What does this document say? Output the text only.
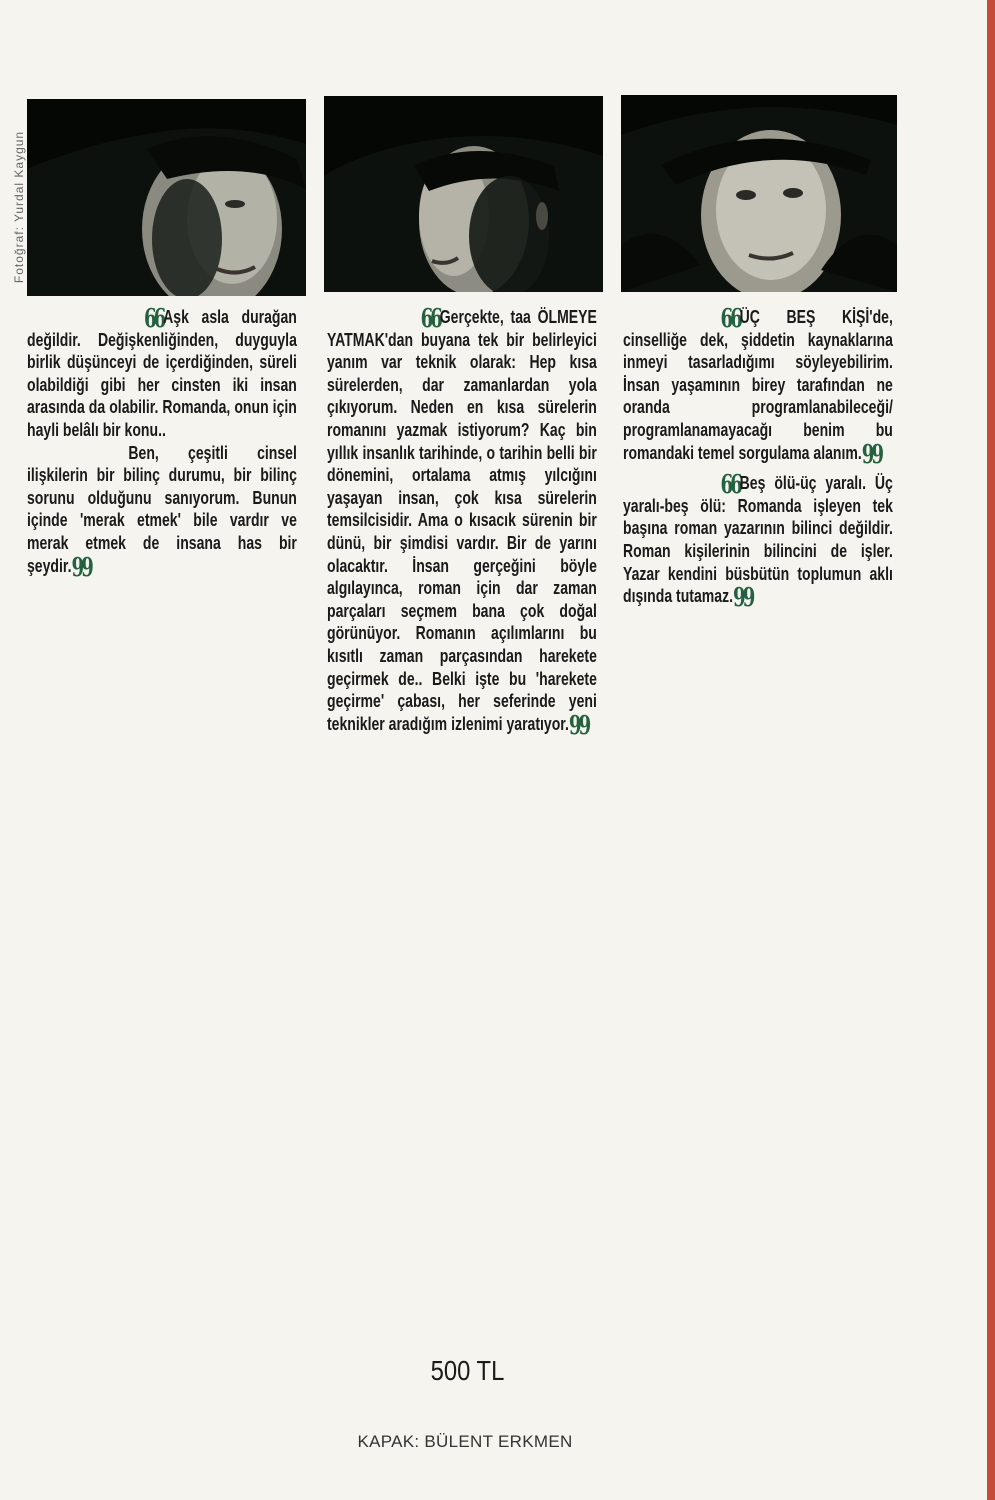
Fotoğraf: Yurdal Kaygun

66Aşk asla durağan değildir. Değişkenliğinden, duyguyla birlik düşünceyi de içerdiğinden, süreli olabildiği gibi her cinsten iki insan arasında da olabilir. Romanda, onun için hayli belâlı bir konu..

Ben, çeşitli cinsel ilişkilerin bir bilinç durumu, bir bilinç sorunu olduğunu sanıyorum. Bunun içinde 'merak etmek' bile vardır ve merak etmek de insana has bir şeydir.99

66Gerçekte, taa ÖLMEYE YATMAK'dan buyana tek bir belirleyici yanım var teknik olarak: Hep kısa sürelerden, dar zamanlardan yola çıkıyorum. Neden en kısa sürelerin romanını yazmak istiyorum? Kaç bin yıllık insanlık tarihinde, o tarihin belli bir dönemini, ortalama atmış yılcığını yaşayan insan, çok kısa sürelerin temsilcisidir. Ama o kısacık sürenin bir dünü, bir şimdisi vardır. Bir de yarını olacaktır. İnsan gerçeğini böyle algılayınca, roman için dar zaman parçaları seçmem bana çok doğal görünüyor. Romanın açılımlarını bu kısıtlı zaman parçasından harekete geçirmek de.. Belki işte bu 'harekete geçirme' çabası, her seferinde yeni teknikler aradığım izlenimi yaratıyor.99

66ÜÇ BEŞ KİŞİ'de, cinselliğe dek, şiddetin kaynaklarına inmeyi tasarladığımı söyleyebilirim. İnsan yaşamının birey tarafından ne oranda programlanabileceği/ programlanamayacağı benim bu romandaki temel sorgulama alanım.99

66Beş ölü-üç yaralı. Üç yaralı-beş ölü: Romanda işleyen tek başına roman yazarının bilinci değildir. Roman kişilerinin bilincini de işler. Yazar kendini büsbütün toplumun aklı dışında tutamaz.99

500 TL
KAPAK: BÜLENT ERKMEN
